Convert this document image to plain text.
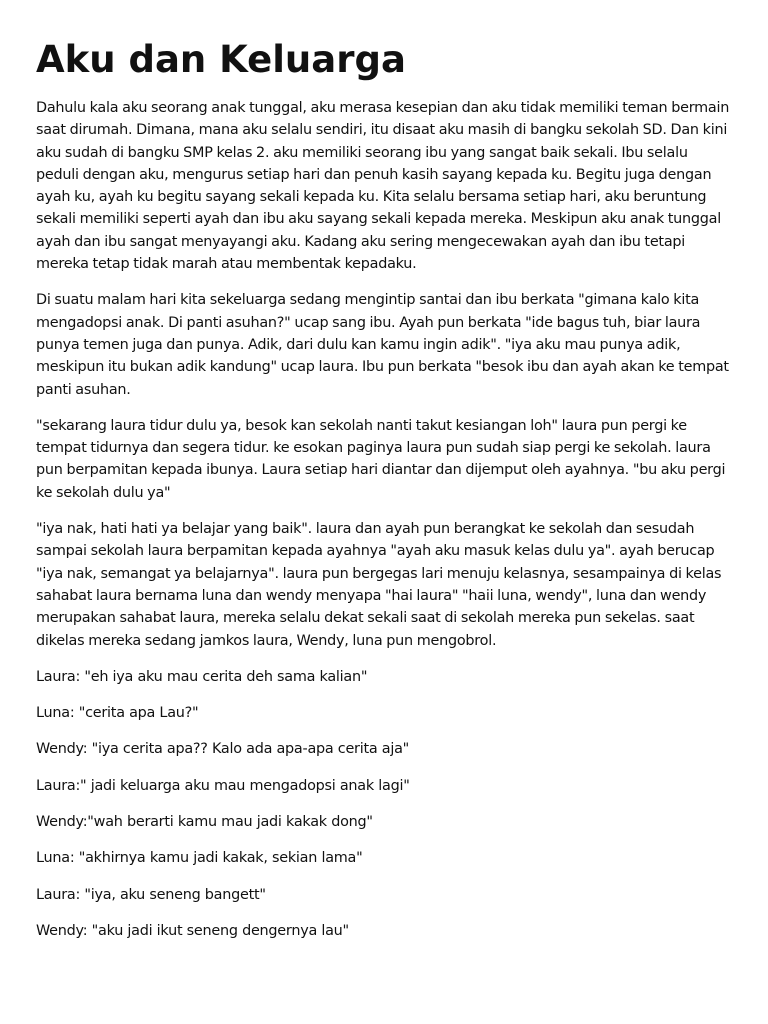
Aku dan Keluarga

Dahulu kala aku seorang anak tunggal, aku merasa kesepian dan aku tidak memiliki teman bermain saat dirumah. Dimana, mana aku selalu sendiri, itu disaat aku masih di bangku sekolah SD. Dan kini aku sudah di bangku SMP kelas 2. aku memiliki seorang ibu yang sangat baik sekali. Ibu selalu peduli dengan aku, mengurus setiap hari dan penuh kasih sayang kepada ku. Begitu juga dengan ayah ku, ayah ku begitu sayang sekali kepada ku. Kita selalu bersama setiap hari, aku beruntung sekali memiliki seperti ayah dan ibu aku sayang sekali kepada mereka. Meskipun aku anak tunggal ayah dan ibu sangat menyayangi aku. Kadang aku sering mengecewakan ayah dan ibu tetapi mereka tetap tidak marah atau membentak kepadaku.

Di suatu malam hari kita sekeluarga sedang mengintip santai dan ibu berkata "gimana kalo kita mengadopsi anak. Di panti asuhan?" ucap sang ibu. Ayah pun berkata "ide bagus tuh, biar laura punya temen juga dan punya. Adik, dari dulu kan kamu ingin adik". "iya aku mau punya adik, meskipun itu bukan adik kandung" ucap laura. Ibu pun berkata "besok ibu dan ayah akan ke tempat panti asuhan.

"sekarang laura tidur dulu ya, besok kan sekolah nanti takut kesiangan loh" laura pun pergi ke tempat tidurnya dan segera tidur. ke esokan paginya laura pun sudah siap pergi ke sekolah. laura pun berpamitan kepada ibunya. Laura setiap hari diantar dan dijemput oleh ayahnya. "bu aku pergi ke sekolah dulu ya"

"iya nak, hati hati ya belajar yang baik". laura dan ayah pun berangkat ke sekolah dan sesudah sampai sekolah laura berpamitan kepada ayahnya "ayah aku masuk kelas dulu ya". ayah berucap "iya nak, semangat ya belajarnya". laura pun bergegas lari menuju kelasnya, sesampainya di kelas sahabat laura bernama luna dan wendy menyapa "hai laura" "haii luna, wendy", luna dan wendy merupakan sahabat laura, mereka selalu dekat sekali saat di sekolah mereka pun sekelas. saat dikelas mereka sedang jamkos laura, Wendy, luna pun mengobrol.

Laura: "eh iya aku mau cerita deh sama kalian"

Luna: "cerita apa Lau?"

Wendy: "iya cerita apa?? Kalo ada apa-apa cerita aja"

Laura:" jadi keluarga aku mau mengadopsi anak lagi"

Wendy:"wah berarti kamu mau jadi kakak dong"

Luna: "akhirnya kamu jadi kakak, sekian lama"

Laura: "iya, aku seneng bangett"

Wendy: "aku jadi ikut seneng dengernya lau"
